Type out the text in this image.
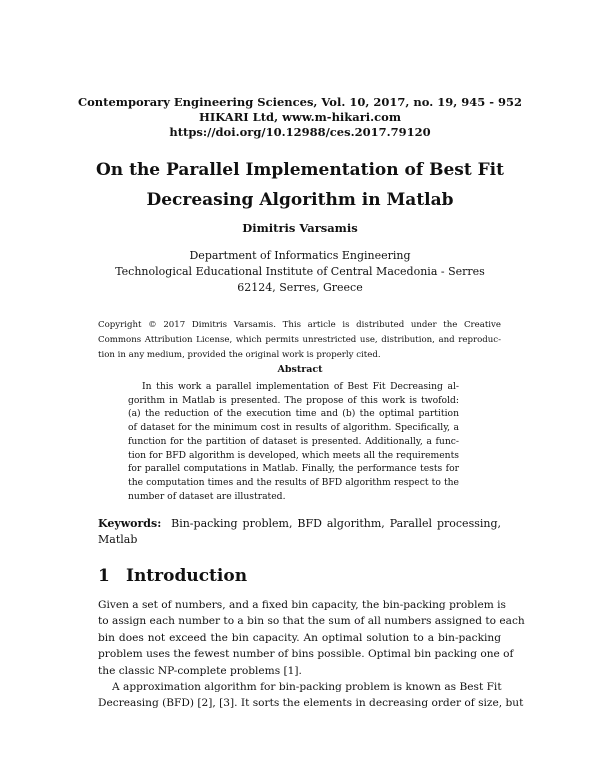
Contemporary Engineering Sciences, Vol. 10, 2017, no. 19, 945 - 952
HIKARI Ltd, www.m-hikari.com
https://doi.org/10.12988/ces.2017.79120
On the Parallel Implementation of Best Fit
Decreasing Algorithm in Matlab
Dimitris Varsamis
Department of Informatics Engineering
Technological Educational Institute of Central Macedonia - Serres
62124, Serres, Greece
Copyright © 2017 Dimitris Varsamis. This article is distributed under the Creative
Commons Attribution License, which permits unrestricted use, distribution, and reproduc-
tion in any medium, provided the original work is properly cited.
Abstract
In this work a parallel implementation of Best Fit Decreasing al-
gorithm in Matlab is presented. The propose of this work is twofold:
(a) the reduction of the execution time and (b) the optimal partition
of dataset for the minimum cost in results of algorithm. Specifically, a
function for the partition of dataset is presented. Additionally, a func-
tion for BFD algorithm is developed, which meets all the requirements
for parallel computations in Matlab. Finally, the performance tests for
the computation times and the results of BFD algorithm respect to the
number of dataset are illustrated.
Keywords: Bin-packing problem, BFD algorithm, Parallel processing,
Matlab
1 Introduction
Given a set of numbers, and a fixed bin capacity, the bin-packing problem is
to assign each number to a bin so that the sum of all numbers assigned to each
bin does not exceed the bin capacity. An optimal solution to a bin-packing
problem uses the fewest number of bins possible. Optimal bin packing one of
the classic NP-complete problems [1].
A approximation algorithm for bin-packing problem is known as Best Fit
Decreasing (BFD) [2], [3]. It sorts the elements in decreasing order of size, but
